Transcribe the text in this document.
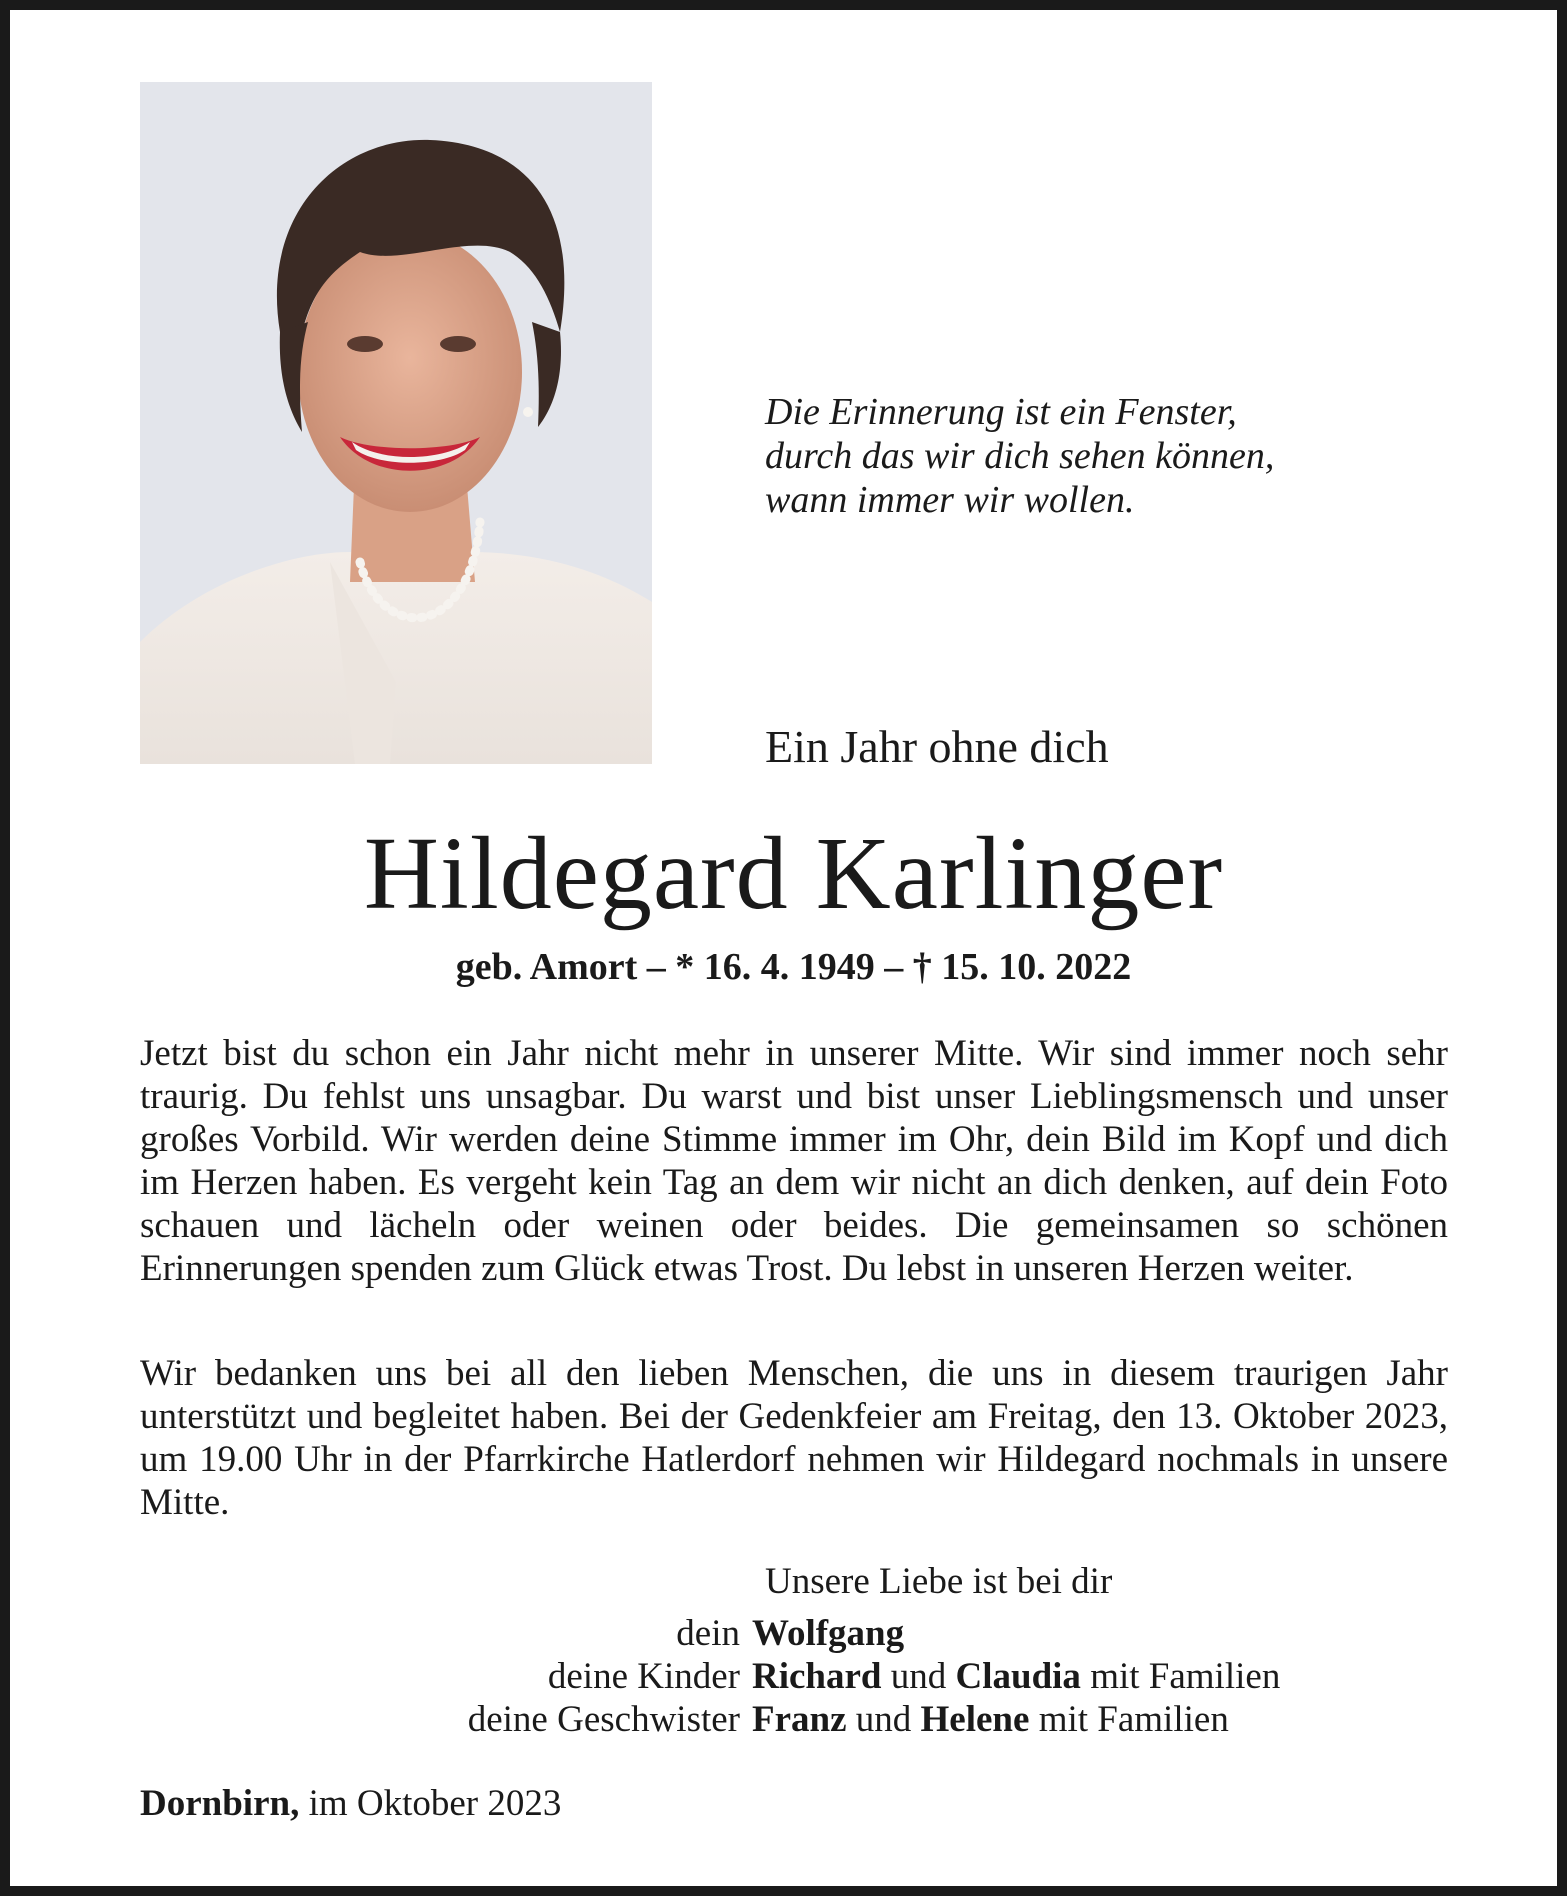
Die Erinnerung ist ein Fenster,
durch das wir dich sehen können,
wann immer wir wollen.

Ein Jahr ohne dich

Hildegard Karlinger

geb. Amort – * 16. 4. 1949 – † 15. 10. 2022

Jetzt bist du schon ein Jahr nicht mehr in unserer Mitte. Wir sind immer noch sehr traurig. Du fehlst uns unsagbar. Du warst und bist unser Lieblingsmensch und unser großes Vorbild. Wir werden deine Stimme immer im Ohr, dein Bild im Kopf und dich im Herzen haben. Es vergeht kein Tag an dem wir nicht an dich denken, auf dein Foto schauen und lächeln oder weinen oder beides. Die gemeinsamen so schönen Erinnerungen spenden zum Glück etwas Trost. Du lebst in unseren Herzen weiter.

Wir bedanken uns bei all den lieben Menschen, die uns in diesem traurigen Jahr unterstützt und begleitet haben. Bei der Gedenkfeier am Freitag, den 13. Oktober 2023, um 19.00 Uhr in der Pfarrkirche Hatlerdorf nehmen wir Hildegard nochmals in unsere Mitte.

Unsere Liebe ist bei dir

dein Wolfgang
deine Kinder Richard und Claudia mit Familien
deine Geschwister Franz und Helene mit Familien

Dornbirn, im Oktober 2023
